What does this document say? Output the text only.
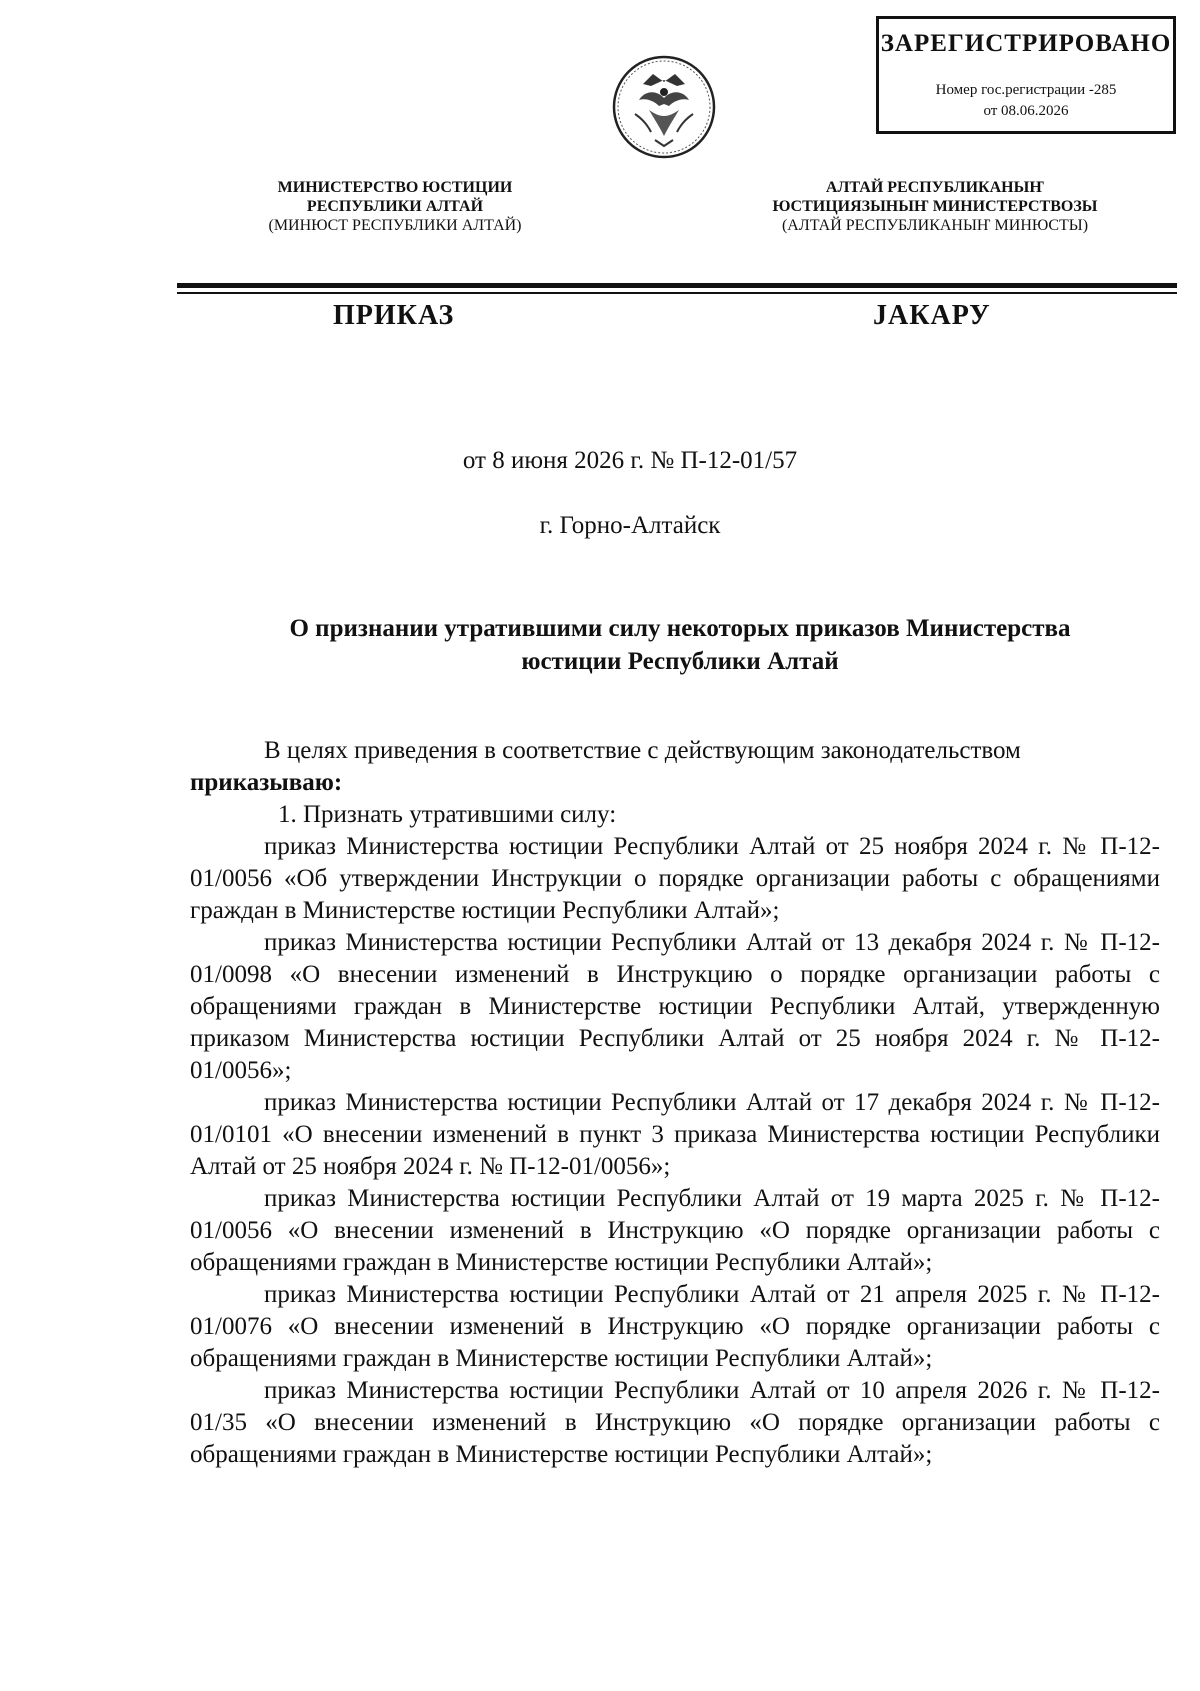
ЗАРЕГИСТРИРОВАНО
Номер гос.регистрации -285
от 08.06.2026
МИНИСТЕРСТВО ЮСТИЦИИ
РЕСПУБЛИКИ АЛТАЙ
(МИНЮСТ РЕСПУБЛИКИ АЛТАЙ)
АЛТАЙ РЕСПУБЛИКАНЫҤ
ЮСТИЦИЯЗЫНЫҤ МИНИСТЕРСТВОЗЫ
(АЛТАЙ РЕСПУБЛИКАНЫҤ МИНЮСТЫ)
ПРИКАЗ	JАКАРУ
от 8 июня 2026 г. № П-12-01/57
г. Горно-Алтайск
О признании утратившими силу некоторых приказов Министерства
юстиции Республики Алтай

В целях приведения в соответствие с действующим законодательством

приказываю:

1. Признать утратившими силу:

приказ Министерства юстиции Республики Алтай от 25 ноября 2024 г. № П-12-01/0056 «Об утверждении Инструкции о порядке организации работы с обращениями граждан в Министерстве юстиции Республики Алтай»;

приказ Министерства юстиции Республики Алтай от 13 декабря 2024 г. № П-12-01/0098 «О внесении изменений в Инструкцию о порядке организации работы с обращениями граждан в Министерстве юстиции Республики Алтай, утвержденную приказом Министерства юстиции Республики Алтай от 25 ноября 2024 г. № П-12-01/0056»;

приказ Министерства юстиции Республики Алтай от 17 декабря 2024 г. № П-12-01/0101 «О внесении изменений в пункт 3 приказа Министерства юстиции Республики Алтай от 25 ноября 2024 г. № П-12-01/0056»;

приказ Министерства юстиции Республики Алтай от 19 марта 2025 г. № П-12-01/0056 «О внесении изменений в Инструкцию «О порядке организации работы с обращениями граждан в Министерстве юстиции Республики Алтай»;

приказ Министерства юстиции Республики Алтай от 21 апреля 2025 г. № П-12-01/0076 «О внесении изменений в Инструкцию «О порядке организации работы с обращениями граждан в Министерстве юстиции Республики Алтай»;

приказ Министерства юстиции Республики Алтай от 10 апреля 2026 г. № П-12-01/35 «О внесении изменений в Инструкцию «О порядке организации работы с обращениями граждан в Министерстве юстиции Республики Алтай»;
